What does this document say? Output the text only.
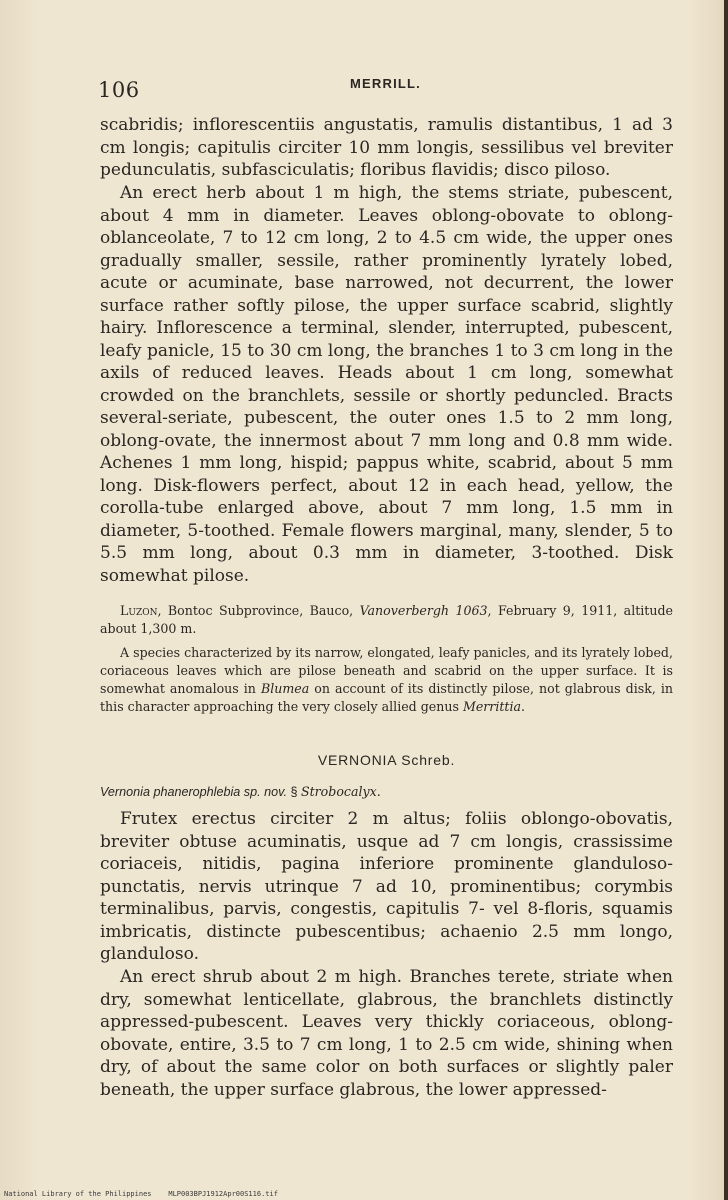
106	MERRILL.

scabridis; inflorescentiis angustatis, ramulis distantibus, 1 ad 3 cm longis; capitulis circiter 10 mm longis, sessilibus vel breviter pedunculatis, subfasciculatis; floribus flavidis; disco piloso.

An erect herb about 1 m high, the stems striate, pubescent, about 4 mm in diameter. Leaves oblong-obovate to oblong-oblanceolate, 7 to 12 cm long, 2 to 4.5 cm wide, the upper ones gradually smaller, sessile, rather prominently lyrately lobed, acute or acuminate, base narrowed, not decurrent, the lower surface rather softly pilose, the upper surface scabrid, slightly hairy. Inflorescence a terminal, slender, interrupted, pubescent, leafy panicle, 15 to 30 cm long, the branches 1 to 3 cm long in the axils of reduced leaves. Heads about 1 cm long, somewhat crowded on the branchlets, sessile or shortly peduncled. Bracts several-seriate, pubescent, the outer ones 1.5 to 2 mm long, oblong-ovate, the innermost about 7 mm long and 0.8 mm wide. Achenes 1 mm long, hispid; pappus white, scabrid, about 5 mm long. Disk-flowers perfect, about 12 in each head, yellow, the corolla-tube enlarged above, about 7 mm long, 1.5 mm in diameter, 5-toothed. Female flowers marginal, many, slender, 5 to 5.5 mm long, about 0.3 mm in diameter, 3-toothed. Disk somewhat pilose.

Luzon, Bontoc Subprovince, Bauco, Vanoverbergh 1063, February 9, 1911, altitude about 1,300 m.

A species characterized by its narrow, elongated, leafy panicles, and its lyrately lobed, coriaceous leaves which are pilose beneath and scabrid on the upper surface. It is somewhat anomalous in Blumea on account of its distinctly pilose, not glabrous disk, in this character approaching the very closely allied genus Merrittia.

VERNONIA Schreb.

Vernonia phanerophlebia sp. nov. § Strobocalyx.

Frutex erectus circiter 2 m altus; foliis oblongo-obovatis, breviter obtuse acuminatis, usque ad 7 cm longis, crassissime coriaceis, nitidis, pagina inferiore prominente glanduloso-punctatis, nervis utrinque 7 ad 10, prominentibus; corymbis terminalibus, parvis, congestis, capitulis 7- vel 8-floris, squamis imbricatis, distincte pubescentibus; achaenio 2.5 mm longo, glanduloso.

An erect shrub about 2 m high. Branches terete, striate when dry, somewhat lenticellate, glabrous, the branchlets distinctly appressed-pubescent. Leaves very thickly coriaceous, oblong-obovate, entire, 3.5 to 7 cm long, 1 to 2.5 cm wide, shining when dry, of about the same color on both surfaces or slightly paler beneath, the upper surface glabrous, the lower appressed-

National Library of the Philippines    MLP003BPJ1912Apr00S116.tif
